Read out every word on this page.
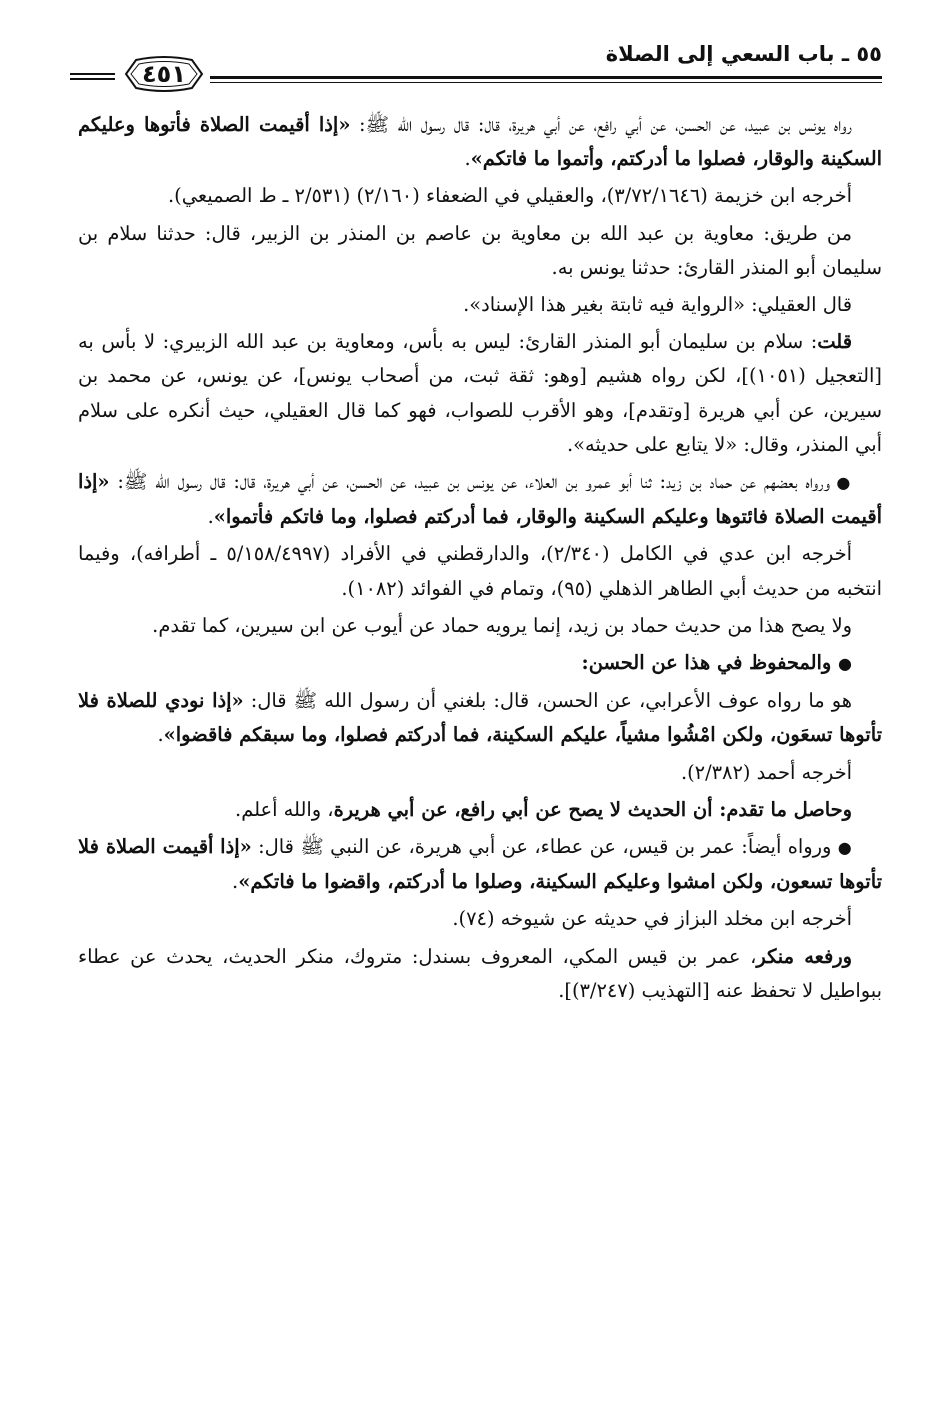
٥٥ ـ باب السعي إلى الصلاة
٤٥١

رواه يونس بن عبيد، عن الحسن، عن أبي رافع، عن أبي هريرة، قال: قال رسول الله ﷺ: «إذا أقيمت الصلاة فأتوها وعليكم السكينة والوقار، فصلوا ما أدركتم، وأتموا ما فاتكم».

أخرجه ابن خزيمة (٣/٧٢/١٦٤٦)، والعقيلي في الضعفاء (٢/١٦٠) (٢/٥٣١ ـ ط الصميعي).

من طريق: معاوية بن عبد الله بن معاوية بن عاصم بن المنذر بن الزبير، قال: حدثنا سلام بن سليمان أبو المنذر القارئ: حدثنا يونس به.

قال العقيلي: «الرواية فيه ثابتة بغير هذا الإسناد».

قلت: سلام بن سليمان أبو المنذر القارئ: ليس به بأس، ومعاوية بن عبد الله الزبيري: لا بأس به [التعجيل (١٠٥١)]، لكن رواه هشيم [وهو: ثقة ثبت، من أصحاب يونس]، عن يونس، عن محمد بن سيرين، عن أبي هريرة [وتقدم]، وهو الأقرب للصواب، فهو كما قال العقيلي، حيث أنكره على سلام أبي المنذر، وقال: «لا يتابع على حديثه».

● ورواه بعضهم عن حماد بن زيد: ثنا أبو عمرو بن العلاء، عن يونس بن عبيد، عن الحسن، عن أبي هريرة، قال: قال رسول الله ﷺ: «إذا أقيمت الصلاة فائتوها وعليكم السكينة والوقار، فما أدركتم فصلوا، وما فاتكم فأتموا».

أخرجه ابن عدي في الكامل (٢/٣٤٠)، والدارقطني في الأفراد (٥/١٥٨/٤٩٩٧ ـ أطرافه)، وفيما انتخبه من حديث أبي الطاهر الذهلي (٩٥)، وتمام في الفوائد (١٠٨٢).

ولا يصح هذا من حديث حماد بن زيد، إنما يرويه حماد عن أيوب عن ابن سيرين، كما تقدم.

● والمحفوظ في هذا عن الحسن:

هو ما رواه عوف الأعرابي، عن الحسن، قال: بلغني أن رسول الله ﷺ قال: «إذا نودي للصلاة فلا تأتوها تسعَون، ولكن امْشُوا مشياً، عليكم السكينة، فما أدركتم فصلوا، وما سبقكم فاقضوا».

أخرجه أحمد (٢/٣٨٢).

وحاصل ما تقدم: أن الحديث لا يصح عن أبي رافع، عن أبي هريرة، والله أعلم.

● ورواه أيضاً: عمر بن قيس، عن عطاء، عن أبي هريرة، عن النبي ﷺ قال: «إذا أقيمت الصلاة فلا تأتوها تسعون، ولكن امشوا وعليكم السكينة، وصلوا ما أدركتم، واقضوا ما فاتكم».

أخرجه ابن مخلد البزاز في حديثه عن شيوخه (٧٤).

ورفعه منكر، عمر بن قيس المكي، المعروف بسندل: متروك، منكر الحديث، يحدث عن عطاء ببواطيل لا تحفظ عنه [التهذيب (٣/٢٤٧)].
